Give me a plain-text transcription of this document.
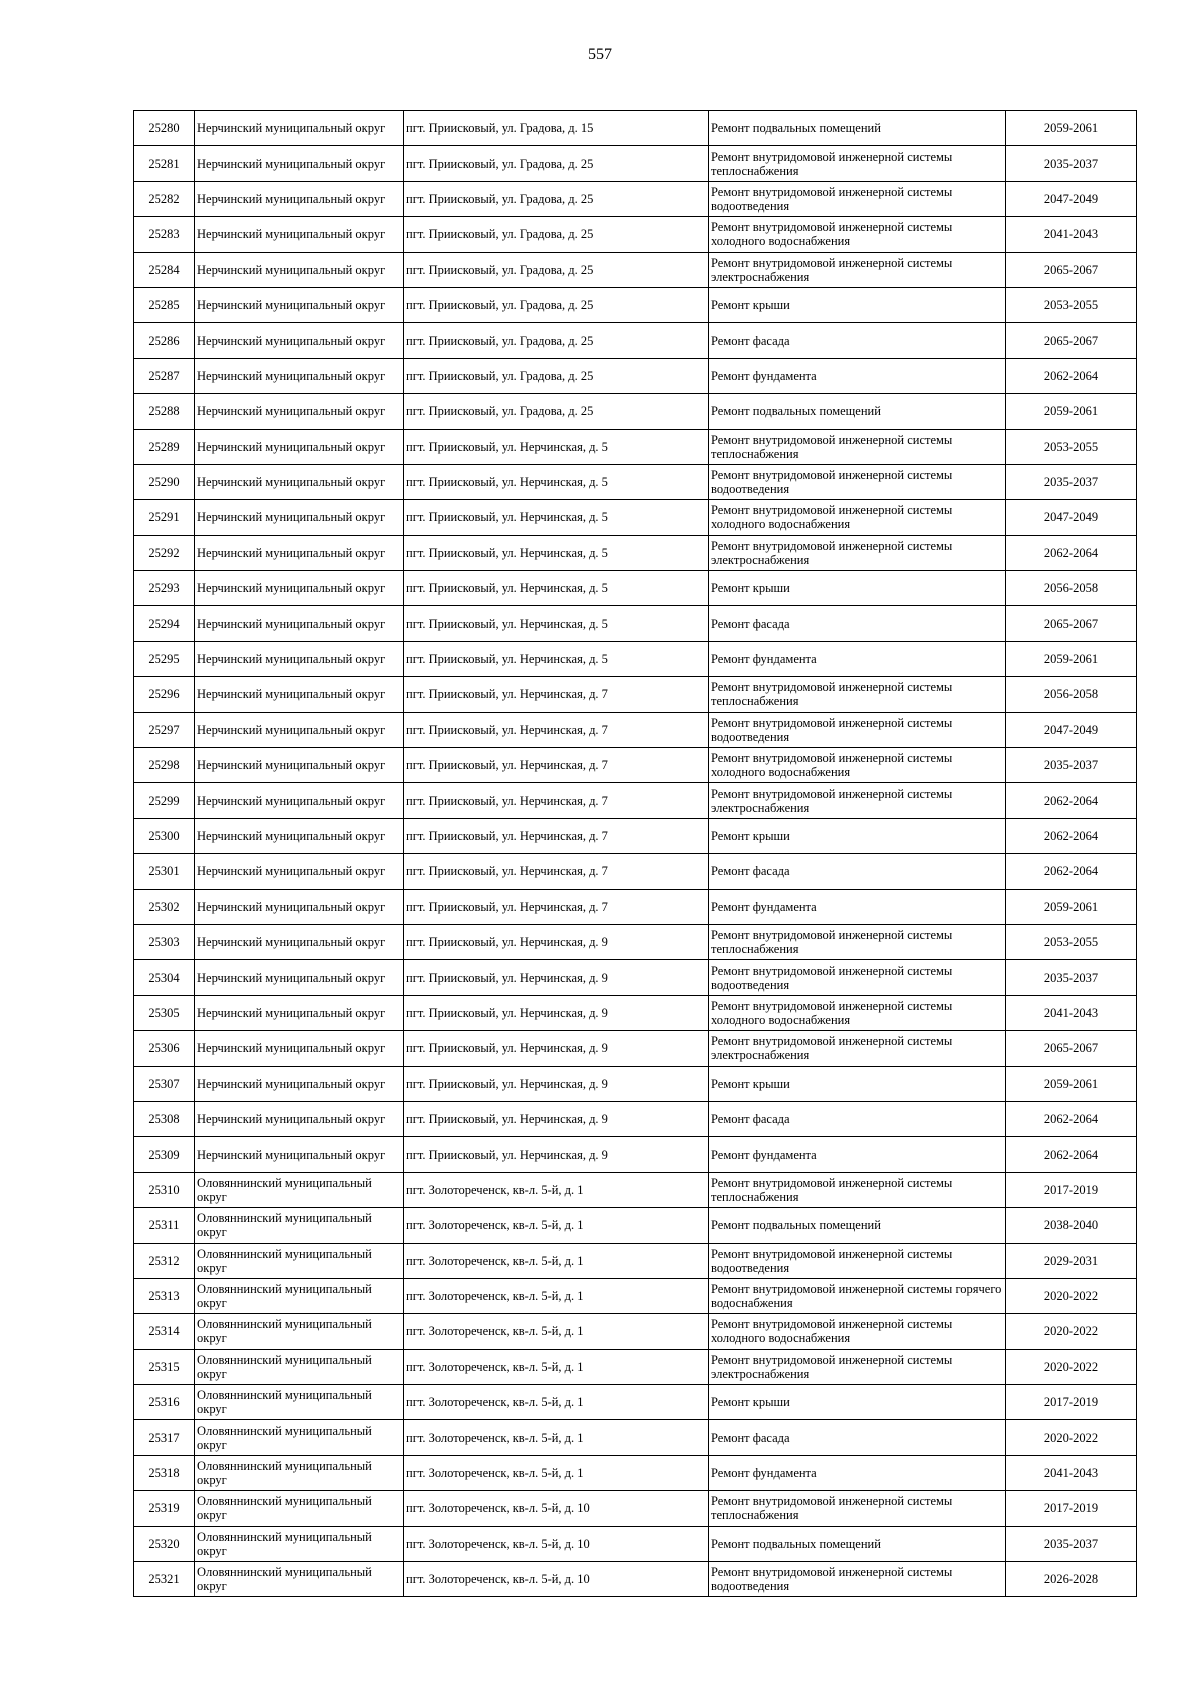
557
25280	Нерчинский муниципальный округ	пгт. Приисковый, ул. Градова, д. 15	Ремонт подвальных помещений	2059-2061
25281	Нерчинский муниципальный округ	пгт. Приисковый, ул. Градова, д. 25	Ремонт внутридомовой инженерной системы теплоснабжения	2035-2037
25282	Нерчинский муниципальный округ	пгт. Приисковый, ул. Градова, д. 25	Ремонт внутридомовой инженерной системы водоотведения	2047-2049
25283	Нерчинский муниципальный округ	пгт. Приисковый, ул. Градова, д. 25	Ремонт внутридомовой инженерной системы холодного водоснабжения	2041-2043
25284	Нерчинский муниципальный округ	пгт. Приисковый, ул. Градова, д. 25	Ремонт внутридомовой инженерной системы электроснабжения	2065-2067
25285	Нерчинский муниципальный округ	пгт. Приисковый, ул. Градова, д. 25	Ремонт крыши	2053-2055
25286	Нерчинский муниципальный округ	пгт. Приисковый, ул. Градова, д. 25	Ремонт фасада	2065-2067
25287	Нерчинский муниципальный округ	пгт. Приисковый, ул. Градова, д. 25	Ремонт фундамента	2062-2064
25288	Нерчинский муниципальный округ	пгт. Приисковый, ул. Градова, д. 25	Ремонт подвальных помещений	2059-2061
25289	Нерчинский муниципальный округ	пгт. Приисковый, ул. Нерчинская, д. 5	Ремонт внутридомовой инженерной системы теплоснабжения	2053-2055
25290	Нерчинский муниципальный округ	пгт. Приисковый, ул. Нерчинская, д. 5	Ремонт внутридомовой инженерной системы водоотведения	2035-2037
25291	Нерчинский муниципальный округ	пгт. Приисковый, ул. Нерчинская, д. 5	Ремонт внутридомовой инженерной системы холодного водоснабжения	2047-2049
25292	Нерчинский муниципальный округ	пгт. Приисковый, ул. Нерчинская, д. 5	Ремонт внутридомовой инженерной системы электроснабжения	2062-2064
25293	Нерчинский муниципальный округ	пгт. Приисковый, ул. Нерчинская, д. 5	Ремонт крыши	2056-2058
25294	Нерчинский муниципальный округ	пгт. Приисковый, ул. Нерчинская, д. 5	Ремонт фасада	2065-2067
25295	Нерчинский муниципальный округ	пгт. Приисковый, ул. Нерчинская, д. 5	Ремонт фундамента	2059-2061
25296	Нерчинский муниципальный округ	пгт. Приисковый, ул. Нерчинская, д. 7	Ремонт внутридомовой инженерной системы теплоснабжения	2056-2058
25297	Нерчинский муниципальный округ	пгт. Приисковый, ул. Нерчинская, д. 7	Ремонт внутридомовой инженерной системы водоотведения	2047-2049
25298	Нерчинский муниципальный округ	пгт. Приисковый, ул. Нерчинская, д. 7	Ремонт внутридомовой инженерной системы холодного водоснабжения	2035-2037
25299	Нерчинский муниципальный округ	пгт. Приисковый, ул. Нерчинская, д. 7	Ремонт внутридомовой инженерной системы электроснабжения	2062-2064
25300	Нерчинский муниципальный округ	пгт. Приисковый, ул. Нерчинская, д. 7	Ремонт крыши	2062-2064
25301	Нерчинский муниципальный округ	пгт. Приисковый, ул. Нерчинская, д. 7	Ремонт фасада	2062-2064
25302	Нерчинский муниципальный округ	пгт. Приисковый, ул. Нерчинская, д. 7	Ремонт фундамента	2059-2061
25303	Нерчинский муниципальный округ	пгт. Приисковый, ул. Нерчинская, д. 9	Ремонт внутридомовой инженерной системы теплоснабжения	2053-2055
25304	Нерчинский муниципальный округ	пгт. Приисковый, ул. Нерчинская, д. 9	Ремонт внутридомовой инженерной системы водоотведения	2035-2037
25305	Нерчинский муниципальный округ	пгт. Приисковый, ул. Нерчинская, д. 9	Ремонт внутридомовой инженерной системы холодного водоснабжения	2041-2043
25306	Нерчинский муниципальный округ	пгт. Приисковый, ул. Нерчинская, д. 9	Ремонт внутридомовой инженерной системы электроснабжения	2065-2067
25307	Нерчинский муниципальный округ	пгт. Приисковый, ул. Нерчинская, д. 9	Ремонт крыши	2059-2061
25308	Нерчинский муниципальный округ	пгт. Приисковый, ул. Нерчинская, д. 9	Ремонт фасада	2062-2064
25309	Нерчинский муниципальный округ	пгт. Приисковый, ул. Нерчинская, д. 9	Ремонт фундамента	2062-2064
25310	Оловяннинский муниципальный округ	пгт. Золотореченск, кв-л. 5-й, д. 1	Ремонт внутридомовой инженерной системы теплоснабжения	2017-2019
25311	Оловяннинский муниципальный округ	пгт. Золотореченск, кв-л. 5-й, д. 1	Ремонт подвальных помещений	2038-2040
25312	Оловяннинский муниципальный округ	пгт. Золотореченск, кв-л. 5-й, д. 1	Ремонт внутридомовой инженерной системы водоотведения	2029-2031
25313	Оловяннинский муниципальный округ	пгт. Золотореченск, кв-л. 5-й, д. 1	Ремонт внутридомовой инженерной системы горячего водоснабжения	2020-2022
25314	Оловяннинский муниципальный округ	пгт. Золотореченск, кв-л. 5-й, д. 1	Ремонт внутридомовой инженерной системы холодного водоснабжения	2020-2022
25315	Оловяннинский муниципальный округ	пгт. Золотореченск, кв-л. 5-й, д. 1	Ремонт внутридомовой инженерной системы электроснабжения	2020-2022
25316	Оловяннинский муниципальный округ	пгт. Золотореченск, кв-л. 5-й, д. 1	Ремонт крыши	2017-2019
25317	Оловяннинский муниципальный округ	пгт. Золотореченск, кв-л. 5-й, д. 1	Ремонт фасада	2020-2022
25318	Оловяннинский муниципальный округ	пгт. Золотореченск, кв-л. 5-й, д. 1	Ремонт фундамента	2041-2043
25319	Оловяннинский муниципальный округ	пгт. Золотореченск, кв-л. 5-й, д. 10	Ремонт внутридомовой инженерной системы теплоснабжения	2017-2019
25320	Оловяннинский муниципальный округ	пгт. Золотореченск, кв-л. 5-й, д. 10	Ремонт подвальных помещений	2035-2037
25321	Оловяннинский муниципальный округ	пгт. Золотореченск, кв-л. 5-й, д. 10	Ремонт внутридомовой инженерной системы водоотведения	2026-2028
